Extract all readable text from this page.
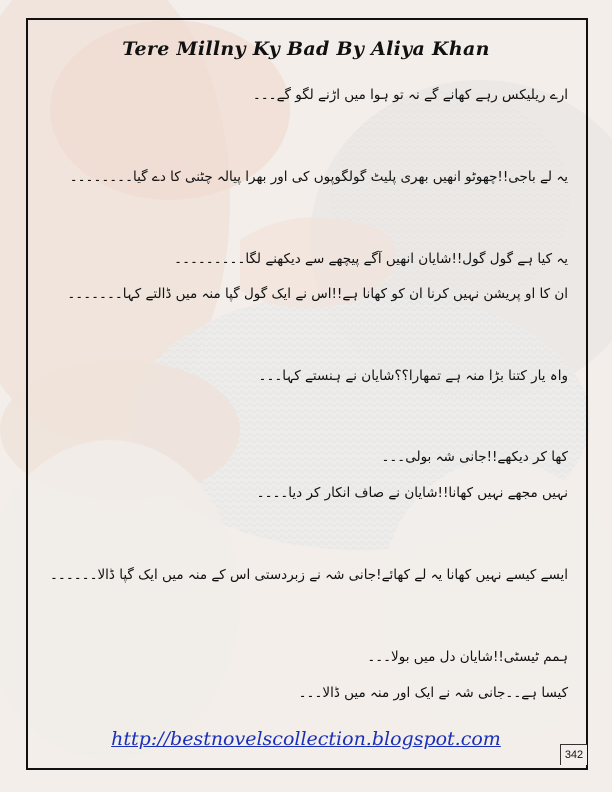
Tere Millny Ky Bad By Aliya Khan
ارے ریلیکس رہے کھانے گے نہ تو ہوا میں اڑنے لگو گے۔۔۔
یہ لے باجی!!چھوٹو انھیں بھری پلیٹ گولگوپوں کی اور بھرا پیالہ چٹنی کا دے گیا۔۔۔۔۔۔۔۔
یہ کیا ہے گول گول!!شایان انھیں آگے پیچھے سے دیکھنے لگا۔۔۔۔۔۔۔۔۔
ان کا او پریشن نہیں کرنا ان کو کھانا ہے!!اس نے ایک گول گپا منہ میں ڈالتے کہا۔۔۔۔۔۔۔
واہ یار کتنا بڑا منہ ہے تمھارا؟؟شایان نے ہنستے کہا۔۔۔
کھا کر دیکھے!!جانی شہ بولی۔۔۔
نہیں مجھے نہیں کھانا!!شایان نے صاف انکار کر دیا۔۔۔۔
ایسے کیسے نہیں کھانا یہ لے کھائے!جانی شہ نے زبردستی اس کے منہ میں ایک گپا ڈالا۔۔۔۔۔۔
ہمم ٹیسٹی!!شایان دل میں بولا۔۔۔
کیسا ہے۔۔جانی شہ نے ایک اور منہ میں ڈالا۔۔۔
http://bestnovelscollection.blogspot.com
342
